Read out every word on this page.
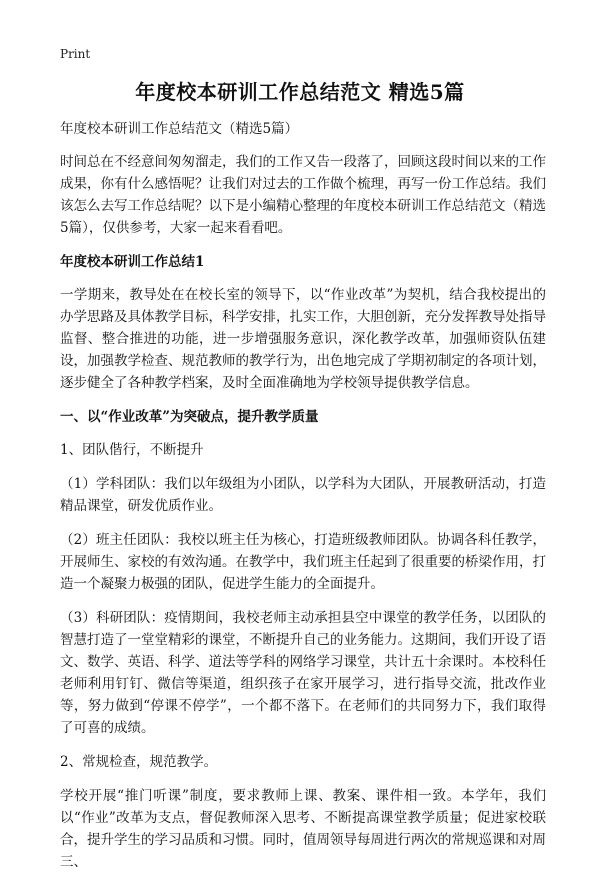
Print
年度校本研训工作总结范文 精选5篇

年度校本研训工作总结范文（精选5篇）

时间总在不经意间匆匆溜走，我们的工作又告一段落了，回顾这段时间以来的工作成果，你有什么感悟呢？让我们对过去的工作做个梳理，再写一份工作总结。我们该怎么去写工作总结呢？以下是小编精心整理的年度校本研训工作总结范文（精选5篇），仅供参考，大家一起来看看吧。

年度校本研训工作总结1

一学期来，教导处在在校长室的领导下，以“作业改革”为契机，结合我校提出的办学思路及具体教学目标，科学安排，扎实工作，大胆创新，充分发挥教导处指导监督、整合推进的功能，进一步增强服务意识，深化教学改革，加强师资队伍建设，加强教学检查、规范教师的教学行为，出色地完成了学期初制定的各项计划，逐步健全了各种教学档案，及时全面准确地为学校领导提供教学信息。

一、以“作业改革”为突破点，提升教学质量

1、团队偕行，不断提升

（1）学科团队：我们以年级组为小团队，以学科为大团队，开展教研活动，打造精品课堂，研发优质作业。

（2）班主任团队：我校以班主任为核心，打造班级教师团队。协调各科任教学，开展师生、家校的有效沟通。在教学中，我们班主任起到了很重要的桥梁作用，打造一个凝聚力极强的团队，促进学生能力的全面提升。

（3）科研团队：疫情期间，我校老师主动承担县空中课堂的教学任务，以团队的智慧打造了一堂堂精彩的课堂，不断提升自己的业务能力。这期间，我们开设了语文、数学、英语、科学、道法等学科的网络学习课堂，共计五十余课时。本校科任老师利用钉钉、微信等渠道，组织孩子在家开展学习，进行指导交流，批改作业等，努力做到“停课不停学”，一个都不落下。在老师们的共同努力下，我们取得了可喜的成绩。

2、常规检查，规范教学。

学校开展“推门听课”制度，要求教师上课、教案、课件相一致。本学年，我们以“作业”改革为支点，督促教师深入思考、不断提高课堂教学质量；促进家校联合，提升学生的学习品质和习惯。同时，值周领导每周进行两次的常规巡课和对周三、
